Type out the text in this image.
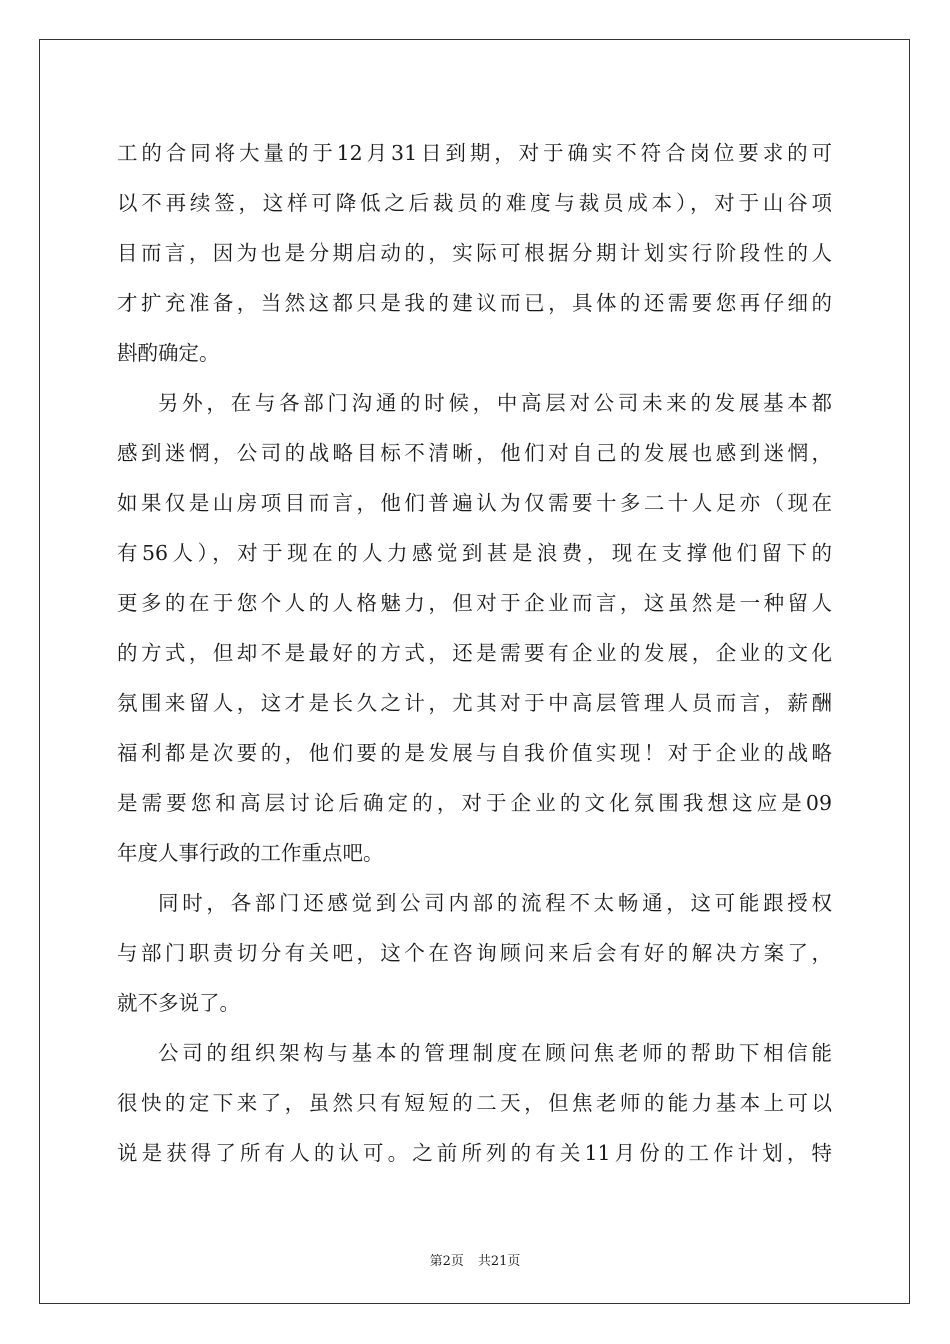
工的合同将大量的于12月31日到期，对于确实不符合岗位要求的可
以不再续签，这样可降低之后裁员的难度与裁员成本），对于山谷项
目而言，因为也是分期启动的，实际可根据分期计划实行阶段性的人
才扩充准备，当然这都只是我的建议而已，具体的还需要您再仔细的
斟酌确定。
另外，在与各部门沟通的时候，中高层对公司未来的发展基本都
感到迷惘，公司的战略目标不清晰，他们对自己的发展也感到迷惘，
如果仅是山房项目而言，他们普遍认为仅需要十多二十人足亦（现在
有56人），对于现在的人力感觉到甚是浪费，现在支撑他们留下的
更多的在于您个人的人格魅力，但对于企业而言，这虽然是一种留人
的方式，但却不是最好的方式，还是需要有企业的发展，企业的文化
氛围来留人，这才是长久之计，尤其对于中高层管理人员而言，薪酬
福利都是次要的，他们要的是发展与自我价值实现！对于企业的战略
是需要您和高层讨论后确定的，对于企业的文化氛围我想这应是09
年度人事行政的工作重点吧。
同时，各部门还感觉到公司内部的流程不太畅通，这可能跟授权
与部门职责切分有关吧，这个在咨询顾问来后会有好的解决方案了，
就不多说了。
公司的组织架构与基本的管理制度在顾问焦老师的帮助下相信能
很快的定下来了，虽然只有短短的二天，但焦老师的能力基本上可以
说是获得了所有人的认可。之前所列的有关11月份的工作计划，特
第2页 共21页
